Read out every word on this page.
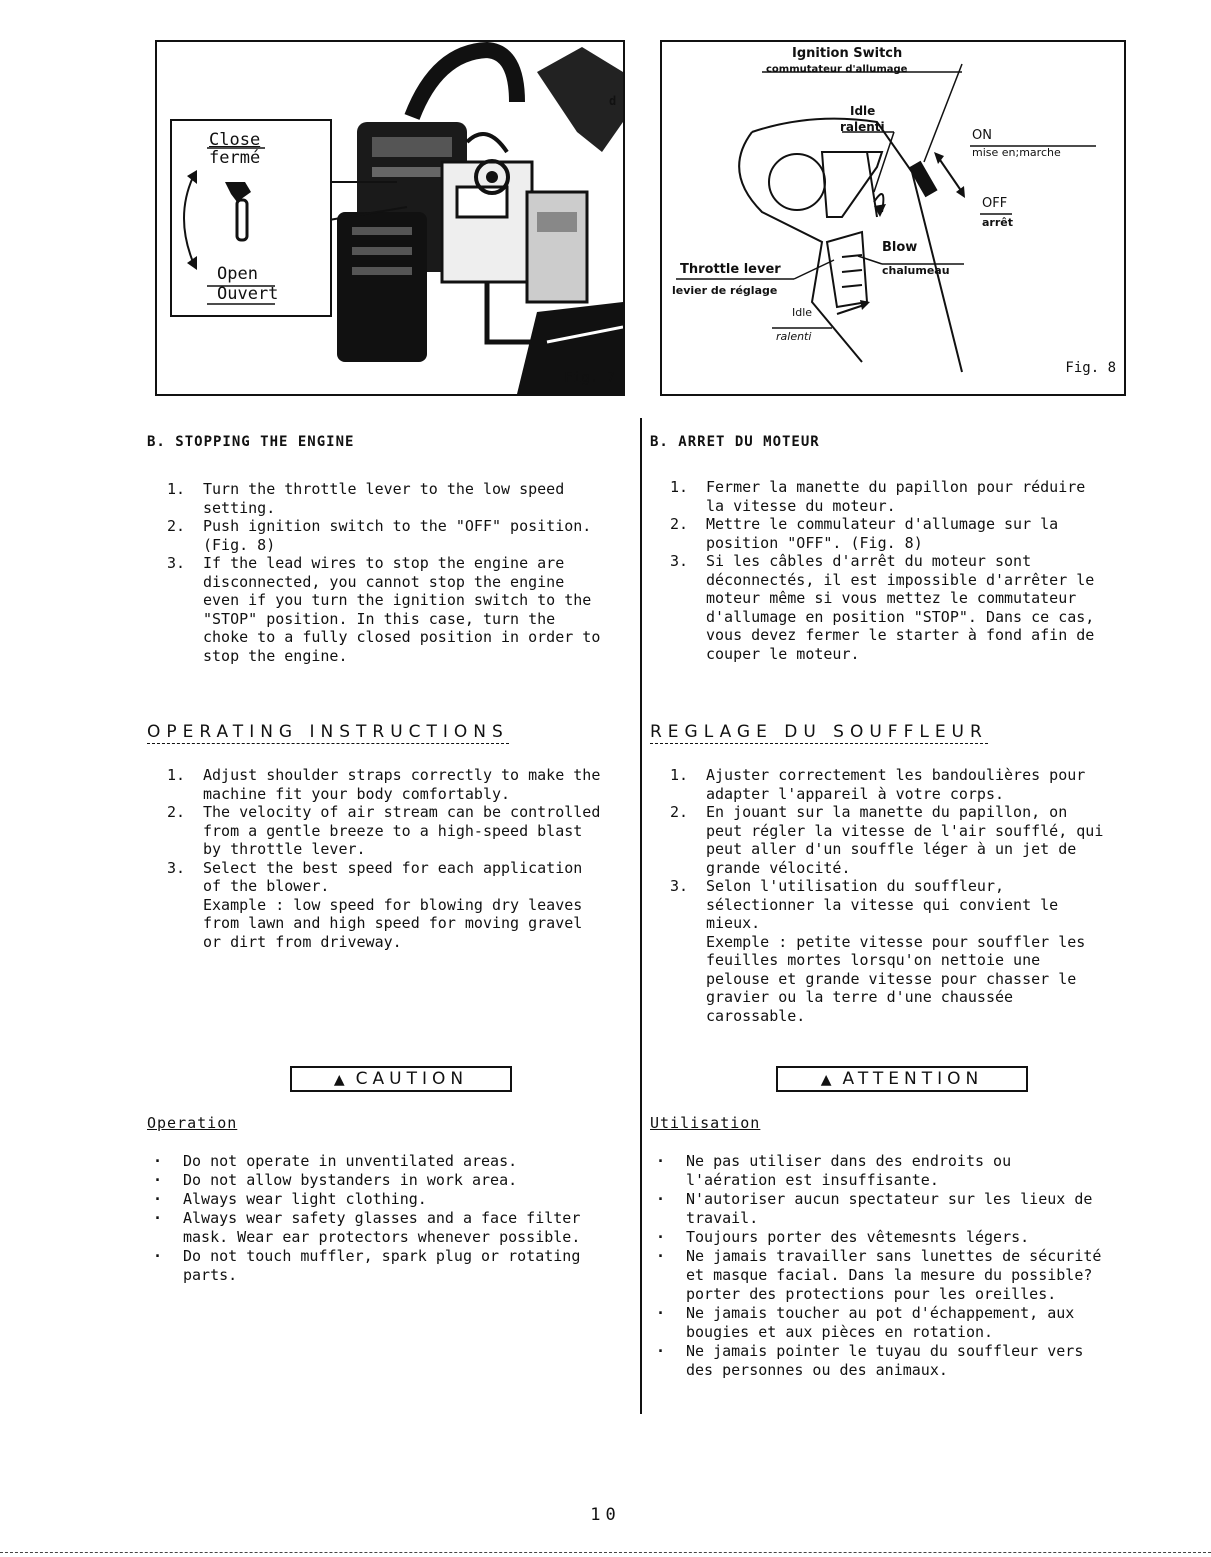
Close
fermé
Open
Ouvert
d
Fig. 7
Ignition Switch
commutateur d'allumage
Idle
ralenti
ON
mise en;marche
OFF
arrêt
Blow
chalumeau
Throttle lever
levier de réglage
Idle
ralenti
Fig. 8
B. STOPPING THE ENGINE
1. Turn the throttle lever to the low speed
setting.
2. Push ignition switch to the "OFF" position.
(Fig. 8)
3. If the lead wires to stop the engine are
disconnected, you cannot stop the engine
even if you turn the ignition switch to the
"STOP" position. In this case, turn the
choke to a fully closed position in order to
stop the engine.
OPERATING INSTRUCTIONS
1. Adjust shoulder straps correctly to make the
machine fit your body comfortably.
2. The velocity of air stream can be controlled
from a gentle breeze to a high-speed blast
by throttle lever.
3. Select the best speed for each application
of the blower.
Example : low speed for blowing dry leaves
from lawn and high speed for moving gravel
or dirt from driveway.
▲ CAUTION
Operation
· Do not operate in unventilated areas.
· Do not allow bystanders in work area.
· Always wear light clothing.
· Always wear safety glasses and a face filter
mask. Wear ear protectors whenever possible.
· Do not touch muffler, spark plug or rotating
parts.
B. ARRET DU MOTEUR
1. Fermer la manette du papillon pour réduire
la vitesse du moteur.
2. Mettre le commulateur d'allumage sur la
position "OFF". (Fig. 8)
3. Si les câbles d'arrêt du moteur sont
déconnectés, il est impossible d'arrêter le
moteur même si vous mettez le commutateur
d'allumage en position "STOP". Dans ce cas,
vous devez fermer le starter à fond afin de
couper le moteur.
REGLAGE DU SOUFFLEUR
1. Ajuster correctement les bandoulières pour
adapter l'appareil à votre corps.
2. En jouant sur la manette du papillon, on
peut régler la vitesse de l'air soufflé, qui
peut aller d'un souffle léger à un jet de
grande vélocité.
3. Selon l'utilisation du souffleur,
sélectionner la vitesse qui convient le
mieux.
Exemple : petite vitesse pour souffler les
feuilles mortes lorsqu'on nettoie une
pelouse et grande vitesse pour chasser le
gravier ou la terre d'une chaussée
carossable.
▲ ATTENTION
Utilisation
· Ne pas utiliser dans des endroits ou
l'aération est insuffisante.
· N'autoriser aucun spectateur sur les lieux de
travail.
· Toujours porter des vêtemesnts légers.
· Ne jamais travailler sans lunettes de sécurité
et masque facial. Dans la mesure du possible?
porter des protections pour les oreilles.
· Ne jamais toucher au pot d'échappement, aux
bougies et aux pièces en rotation.
· Ne jamais pointer le tuyau du souffleur vers
des personnes ou des animaux.
10
